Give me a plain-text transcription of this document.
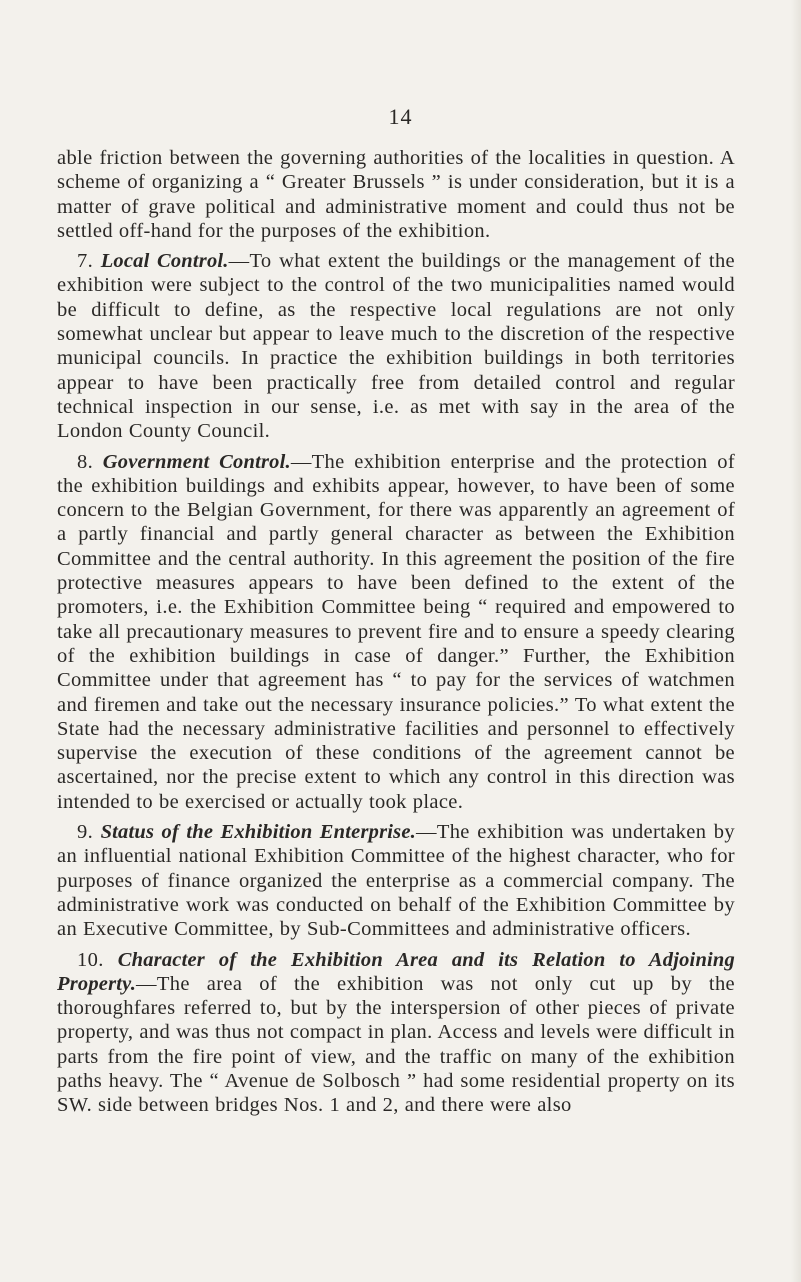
14

able friction between the governing authorities of the localities in question. A scheme of organizing a “ Greater Brussels ” is under consideration, but it is a matter of grave political and administrative moment and could thus not be settled off-hand for the purposes of the exhibition.

7. Local Control.—To what extent the buildings or the management of the exhibition were subject to the control of the two municipalities named would be difficult to define, as the respective local regulations are not only somewhat unclear but appear to leave much to the discretion of the respective municipal councils. In practice the exhibition buildings in both territories appear to have been practically free from detailed control and regular technical inspection in our sense, i.e. as met with say in the area of the London County Council.

8. Government Control.—The exhibition enterprise and the protection of the exhibition buildings and exhibits appear, however, to have been of some concern to the Belgian Government, for there was apparently an agreement of a partly financial and partly general character as between the Exhibition Committee and the central authority. In this agreement the position of the fire protective measures appears to have been defined to the extent of the promoters, i.e. the Exhibition Committee being “ required and empowered to take all precautionary measures to prevent fire and to ensure a speedy clearing of the exhibition buildings in case of danger.” Further, the Exhibition Committee under that agreement has “ to pay for the services of watchmen and firemen and take out the necessary insurance policies.” To what extent the State had the necessary administrative facilities and personnel to effectively supervise the execution of these conditions of the agreement cannot be ascertained, nor the precise extent to which any control in this direction was intended to be exercised or actually took place.

9. Status of the Exhibition Enterprise.—The exhibition was undertaken by an influential national Exhibition Committee of the highest character, who for purposes of finance organized the enterprise as a commercial company. The administrative work was conducted on behalf of the Exhibition Committee by an Executive Committee, by Sub-Committees and administrative officers.

10. Character of the Exhibition Area and its Relation to Adjoining Property.—The area of the exhibition was not only cut up by the thoroughfares referred to, but by the interspersion of other pieces of private property, and was thus not compact in plan. Access and levels were difficult in parts from the fire point of view, and the traffic on many of the exhibition paths heavy. The “ Avenue de Solbosch ” had some residential property on its SW. side between bridges Nos. 1 and 2, and there were also
